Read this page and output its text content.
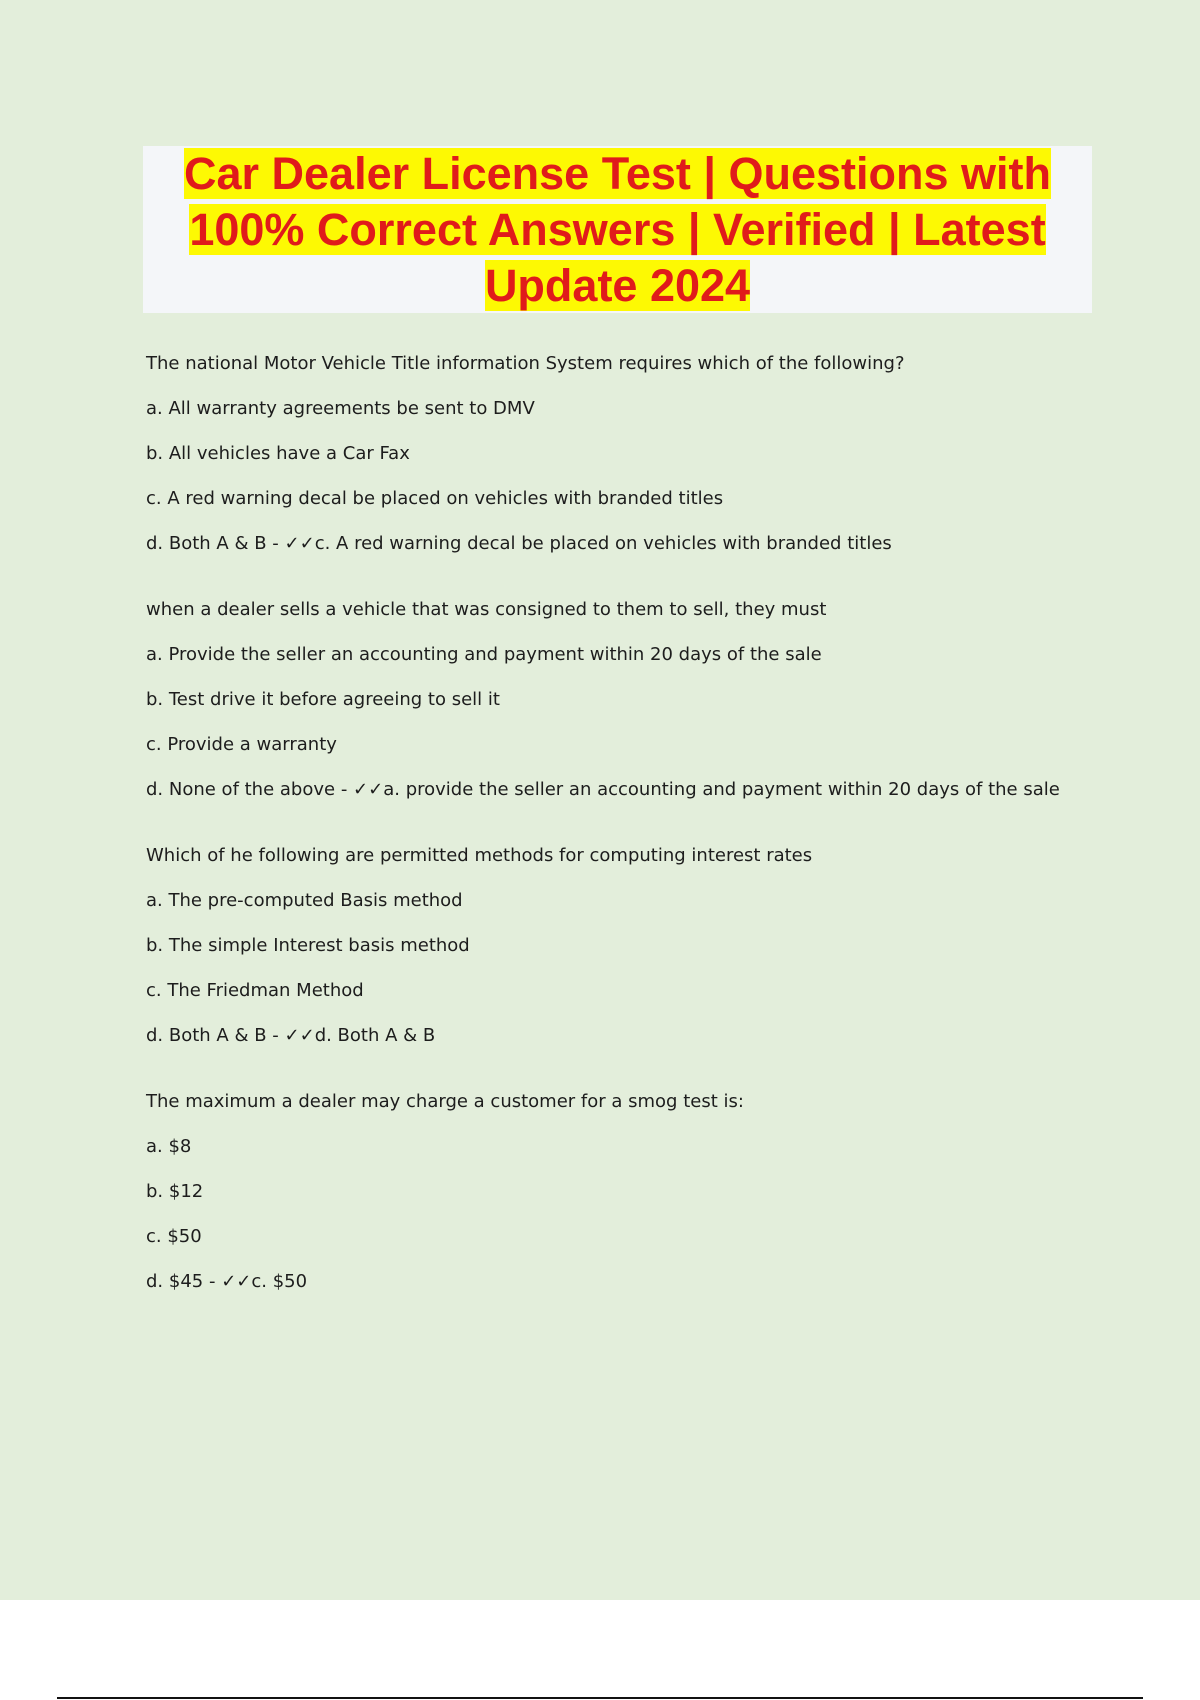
Car Dealer License Test | Questions with 100% Correct Answers | Verified | Latest Update 2024
The national Motor Vehicle Title information System requires which of the following?
a. All warranty agreements be sent to DMV
b. All vehicles have a Car Fax
c. A red warning decal be placed on vehicles with branded titles
d. Both A & B - ✓✓c. A red warning decal be placed on vehicles with branded titles
when a dealer sells a vehicle that was consigned to them to sell, they must
a. Provide the seller an accounting and payment within 20 days of the sale
b. Test drive it before agreeing to sell it
c. Provide a warranty
d. None of the above - ✓✓a. provide the seller an accounting and payment within 20 days of the sale
Which of he following are permitted methods for computing interest rates
a. The pre-computed Basis method
b. The simple Interest basis method
c. The Friedman Method
d. Both A & B - ✓✓d. Both A & B
The maximum a dealer may charge a customer for a smog test is:
a. $8
b. $12
c. $50
d. $45 - ✓✓c. $50
